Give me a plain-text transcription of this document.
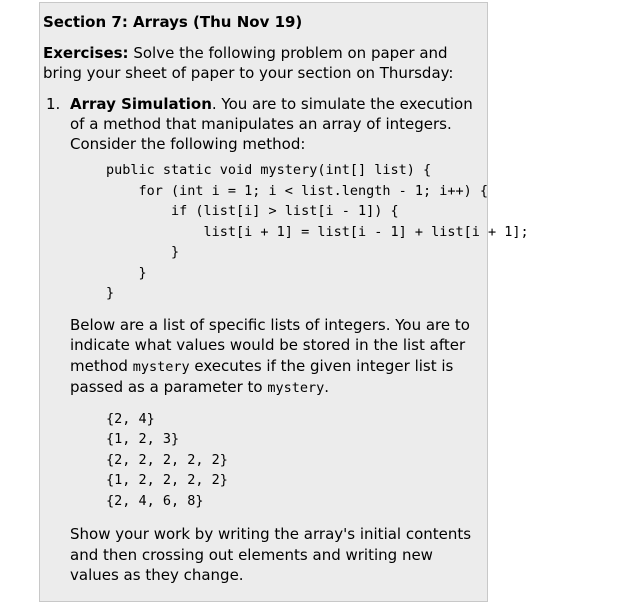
Section 7: Arrays (Thu Nov 19)
Exercises: Solve the following problem on paper and bring your sheet of paper to your section on Thursday:
1. Array Simulation. You are to simulate the execution of a method that manipulates an array of integers. Consider the following method:
public static void mystery(int[] list) {
for (int i = 1; i < list.length - 1; i++) {
if (list[i] > list[i - 1]) {
list[i + 1] = list[i - 1] + list[i + 1];
}
}
}
Below are a list of specific lists of integers. You are to indicate what values would be stored in the list after method mystery executes if the given integer list is passed as a parameter to mystery.
{2, 4}
{1, 2, 3}
{2, 2, 2, 2, 2}
{1, 2, 2, 2, 2}
{2, 4, 6, 8}
Show your work by writing the array's initial contents and then crossing out elements and writing new values as they change.
